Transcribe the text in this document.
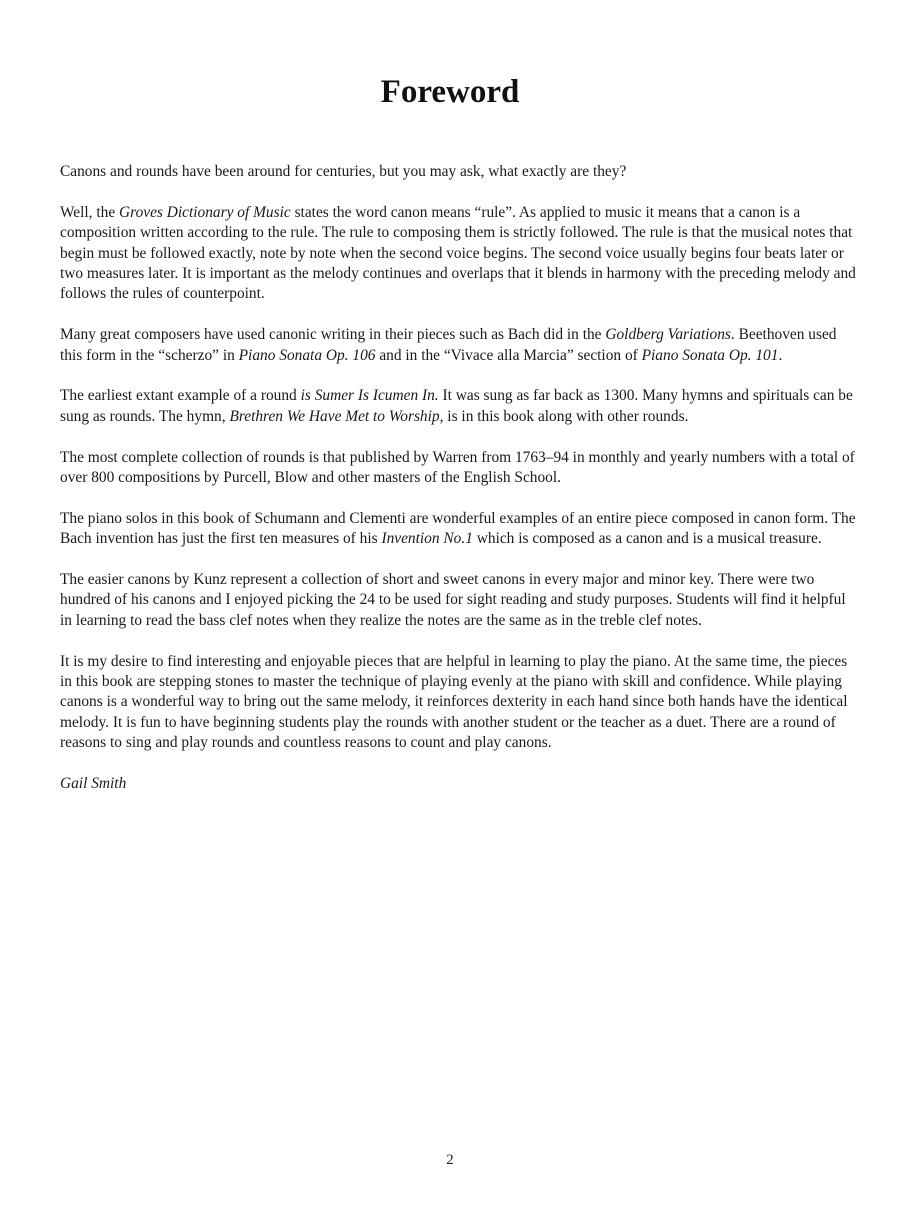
Foreword

Canons and rounds have been around for centuries, but you may ask, what exactly are they?

Well, the Groves Dictionary of Music states the word canon means “rule”. As applied to music it means that a canon is a composition written according to the rule. The rule to composing them is strictly followed. The rule is that the musical notes that begin must be followed exactly, note by note when the second voice begins. The second voice usually begins four beats later or two measures later. It is important as the melody continues and overlaps that it blends in harmony with the preceding melody and follows the rules of counterpoint.

Many great composers have used canonic writing in their pieces such as Bach did in the Goldberg Variations. Beethoven used this form in the “scherzo” in Piano Sonata Op. 106 and in the “Vivace alla Marcia” section of Piano Sonata Op. 101.

The earliest extant example of a round is Sumer Is Icumen In. It was sung as far back as 1300. Many hymns and spirituals can be sung as rounds. The hymn, Brethren We Have Met to Worship, is in this book along with other rounds.

The most complete collection of rounds is that published by Warren from 1763–94 in monthly and yearly numbers with a total of over 800 compositions by Purcell, Blow and other masters of the English School.

The piano solos in this book of Schumann and Clementi are wonderful examples of an entire piece composed in canon form. The Bach invention has just the first ten measures of his Invention No.1 which is composed as a canon and is a musical treasure.

The easier canons by Kunz represent a collection of short and sweet canons in every major and minor key. There were two hundred of his canons and I enjoyed picking the 24 to be used for sight reading and study purposes. Students will find it helpful in learning to read the bass clef notes when they realize the notes are the same as in the treble clef notes.

It is my desire to find interesting and enjoyable pieces that are helpful in learning to play the piano. At the same time, the pieces in this book are stepping stones to master the technique of playing evenly at the piano with skill and confidence. While playing canons is a wonderful way to bring out the same melody, it reinforces dexterity in each hand since both hands have the identical melody. It is fun to have beginning students play the rounds with another student or the teacher as a duet. There are a round of reasons to sing and play rounds and countless reasons to count and play canons.

Gail Smith

2
